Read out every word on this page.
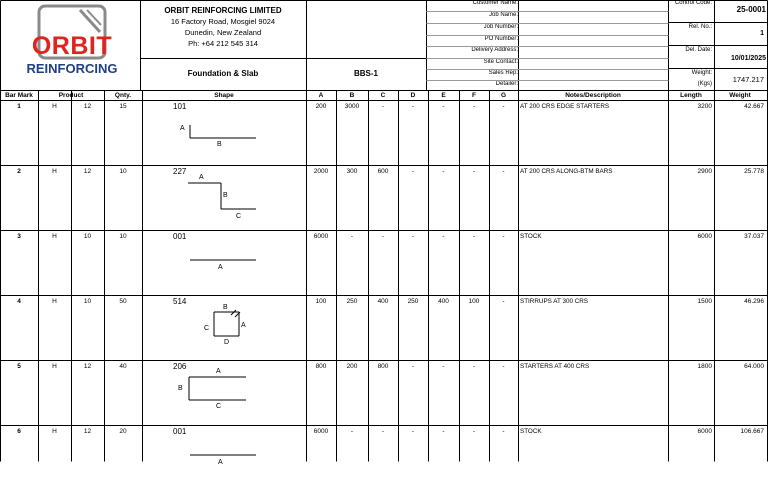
ORBIT
REINFORCING
ORBIT REINFORCING LIMITED
16 Factory Road, Mosgiel 9024
Dunedin, New Zealand
Ph: +64 212 545 314
Foundation & Slab	BBS-1
Customer Name:
Job Name:
Job Number:
PO Number:
Delivery Address:
Site Contact:
Sales Rep:
Detailer:
Control Code:
25-0001
Rel. No.:
1
Del. Date:
10/01/2025
Weight:
(Kgs)	1747.217
Bar Mark	Product	Qnty.	Shape	A	B	C	D	E	F	G	Notes/Description	Length	Weight
1	H	12	15	101	200	3000	-	-	-	-	-	AT 200 CRS EDGE STARTERS	3200	42.667
A
B
2	H	12	10	227	2000	300	600	-	-	-	-	AT 200 CRS ALONG-BTM BARS	2900	25.778
A
B
C
3	H	10	10	001	6000	-	-	-	-	-	-	STOCK	6000	37.037
A
4	H	10	50	514	100	250	400	250	400	100	-	STIRRUPS AT 300 CRS	1500	46.296
B
A
C
D
5	H	12	40	206	800	200	800	-	-	-	-	STARTERS AT 400 CRS	1800	64.000
A
B
C
6	H	12	20	001	6000	-	-	-	-	-	-	STOCK	6000	106.667
A
